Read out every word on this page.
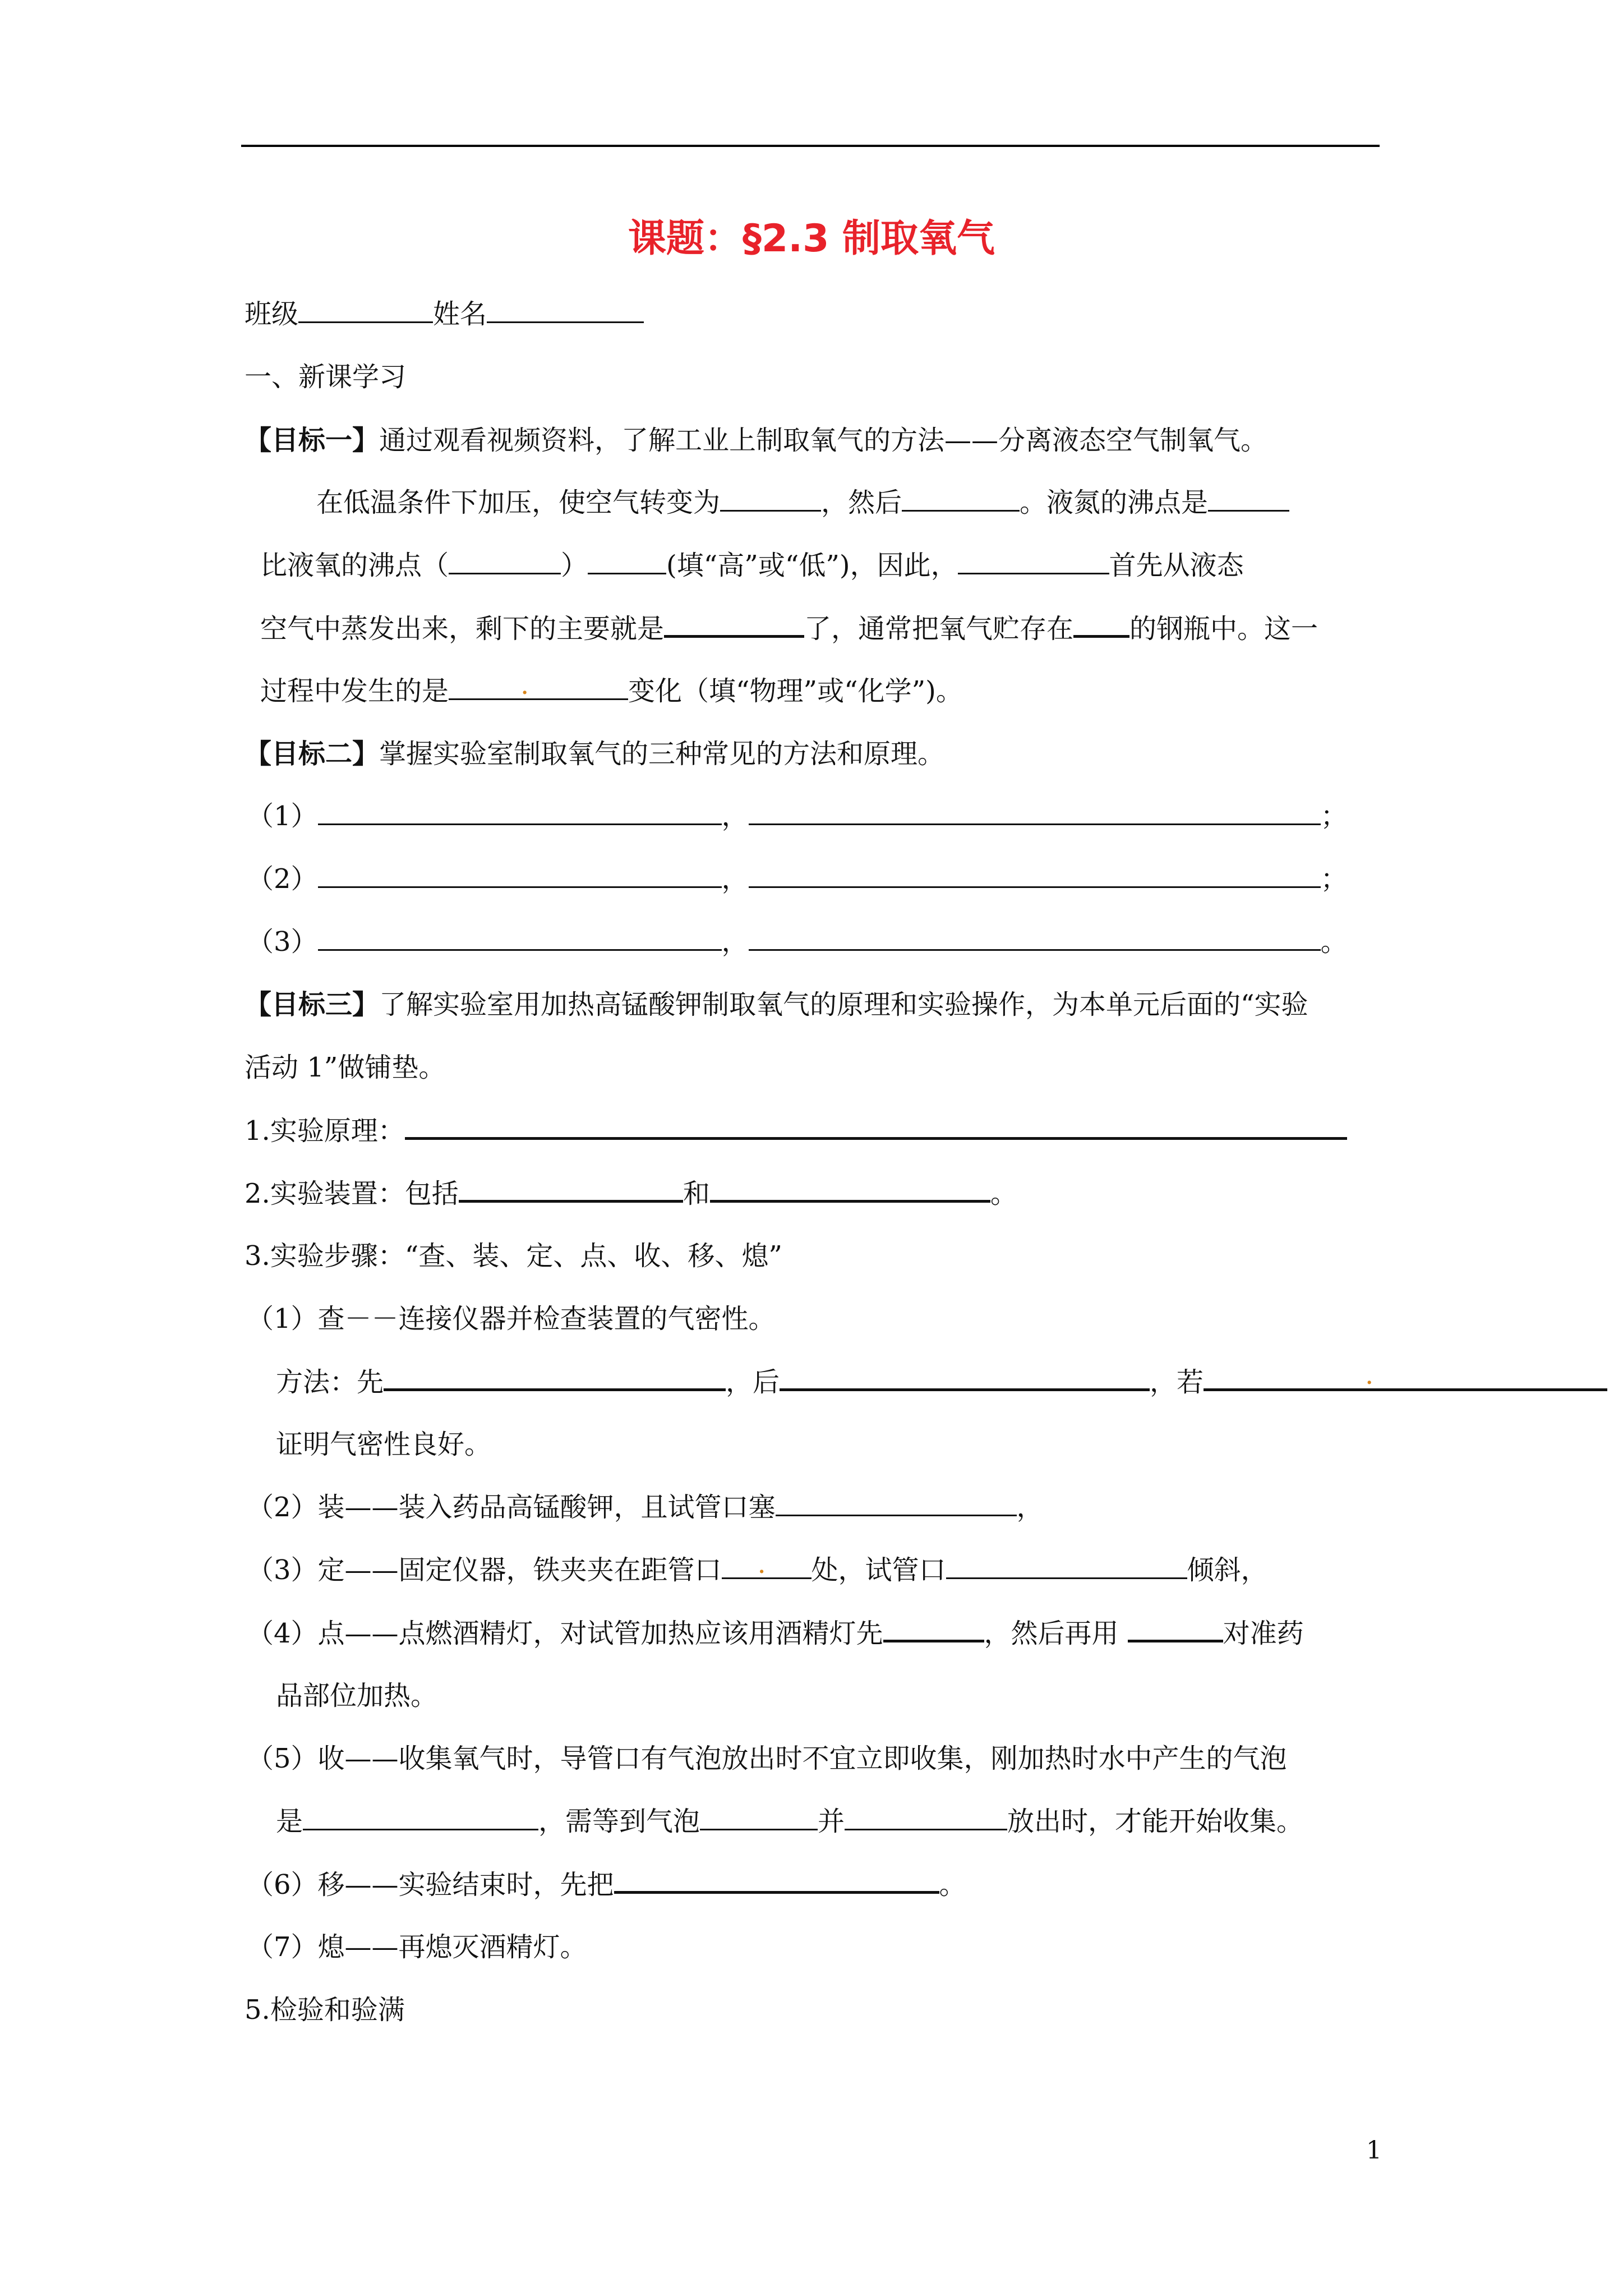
课题：§2.3 制取氧气
班级	姓名
一、新课学习
【目标一】通过观看视频资料，了解工业上制取氧气的方法——分离液态空气制氧气。
在低温条件下加压，使空气转变为	，然后	。液氮的沸点是
比液氧的沸点（	）	(填“高”或“低”)，因此，	首先从液态
空气中蒸发出来，剩下的主要就是	了，通常把氧气贮存在 的钢瓶中。这一
过程中发生的是 .	变化（填“物理”或“化学”)。
【目标二】掌握实验室制取氧气的三种常见的方法和原理。
（1）	，	；
（2）	，	；
（3）	，	。
【目标三】了解实验室用加热高锰酸钾制取氧气的原理和实验操作，为本单元后面的“实验
活动 1”做铺垫。
1.实验原理：
2.实验装置：包括	和	。
3.实验步骤：“查、装、定、点、收、移、熄”
（1）查－－连接仪器并检查装置的气密性。
方法：先	，后	，若.
证明气密性良好。
（2）装——装入药品高锰酸钾，且试管口塞	，
（3）定——固定仪器，铁夹夹在距管口 .	处，试管口	倾斜，
（4）点——点燃酒精灯，对试管加热应该用酒精灯先	，然后再用	对准药
品部位加热。
（5）收——收集氧气时，导管口有气泡放出时不宜立即收集，刚加热时水中产生的气泡
是	，需等到气泡	并	放出时，才能开始收集。
（6）移——实验结束时，先把	。
（7）熄——再熄灭酒精灯。
5.检验和验满
1
